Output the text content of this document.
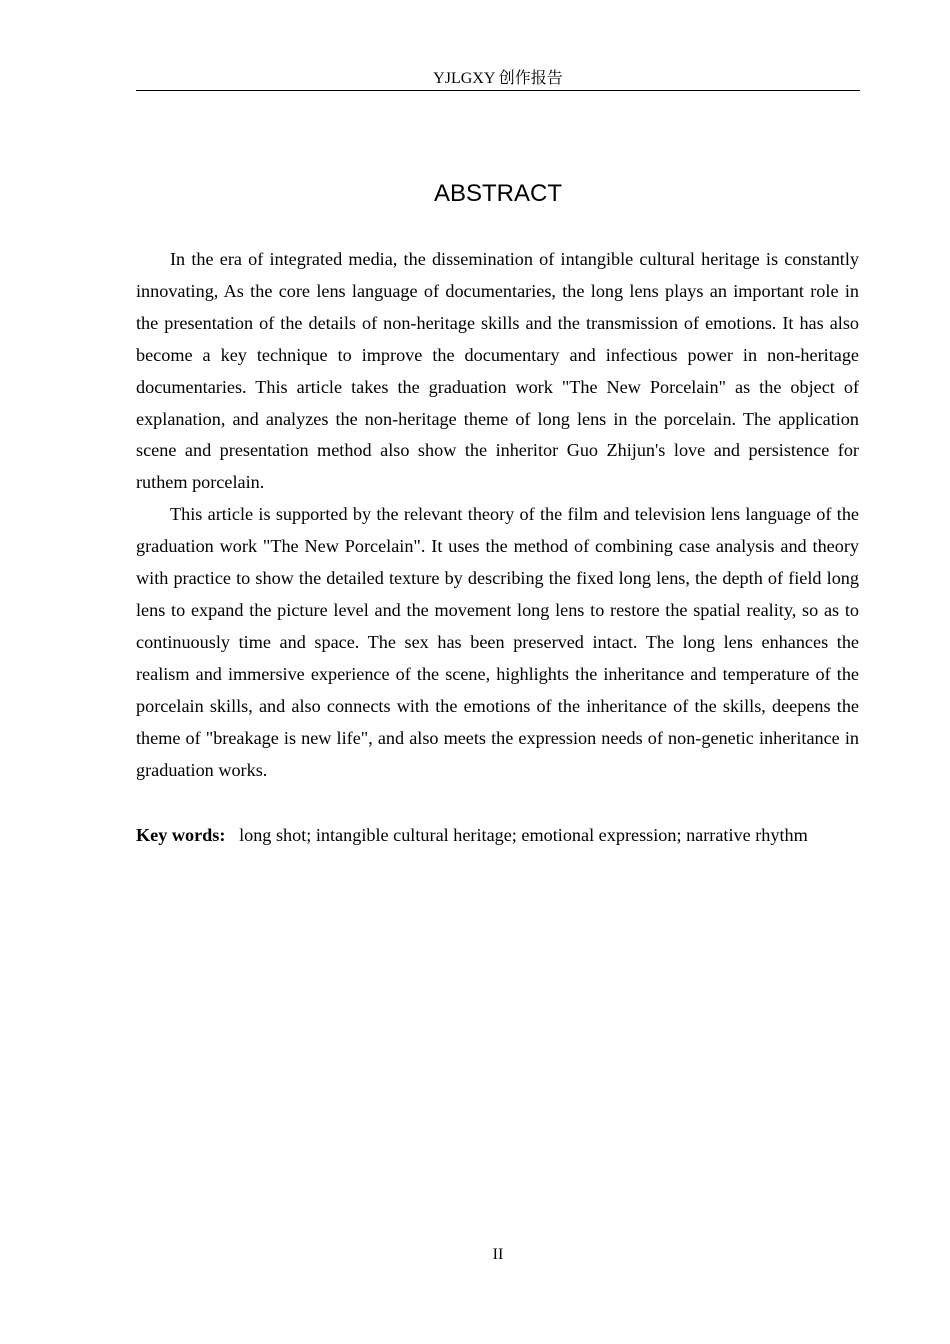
YJLGXY 创作报告
ABSTRACT

In the era of integrated media, the dissemination of intangible cultural heritage is constantly innovating, As the core lens language of documentaries, the long lens plays an important role in the presentation of the details of non-heritage skills and the transmission of emotions. It has also become a key technique to improve the documentary and infectious power in non-heritage documentaries. This article takes the graduation work "The New Porcelain" as the object of explanation, and analyzes the non-heritage theme of long lens in the porcelain. The application scene and presentation method also show the inheritor Guo Zhijun's love and persistence for ruthem porcelain.

This article is supported by the relevant theory of the film and television lens language of the graduation work "The New Porcelain". It uses the method of combining case analysis and theory with practice to show the detailed texture by describing the fixed long lens, the depth of field long lens to expand the picture level and the movement long lens to restore the spatial reality, so as to continuously time and space. The sex has been preserved intact. The long lens enhances the realism and immersive experience of the scene, highlights the inheritance and temperature of the porcelain skills, and also connects with the emotions of the inheritance of the skills, deepens the theme of "breakage is new life", and also meets the expression needs of non-genetic inheritance in graduation works.

Key words: long shot; intangible cultural heritage; emotional expression; narrative rhythm
II
